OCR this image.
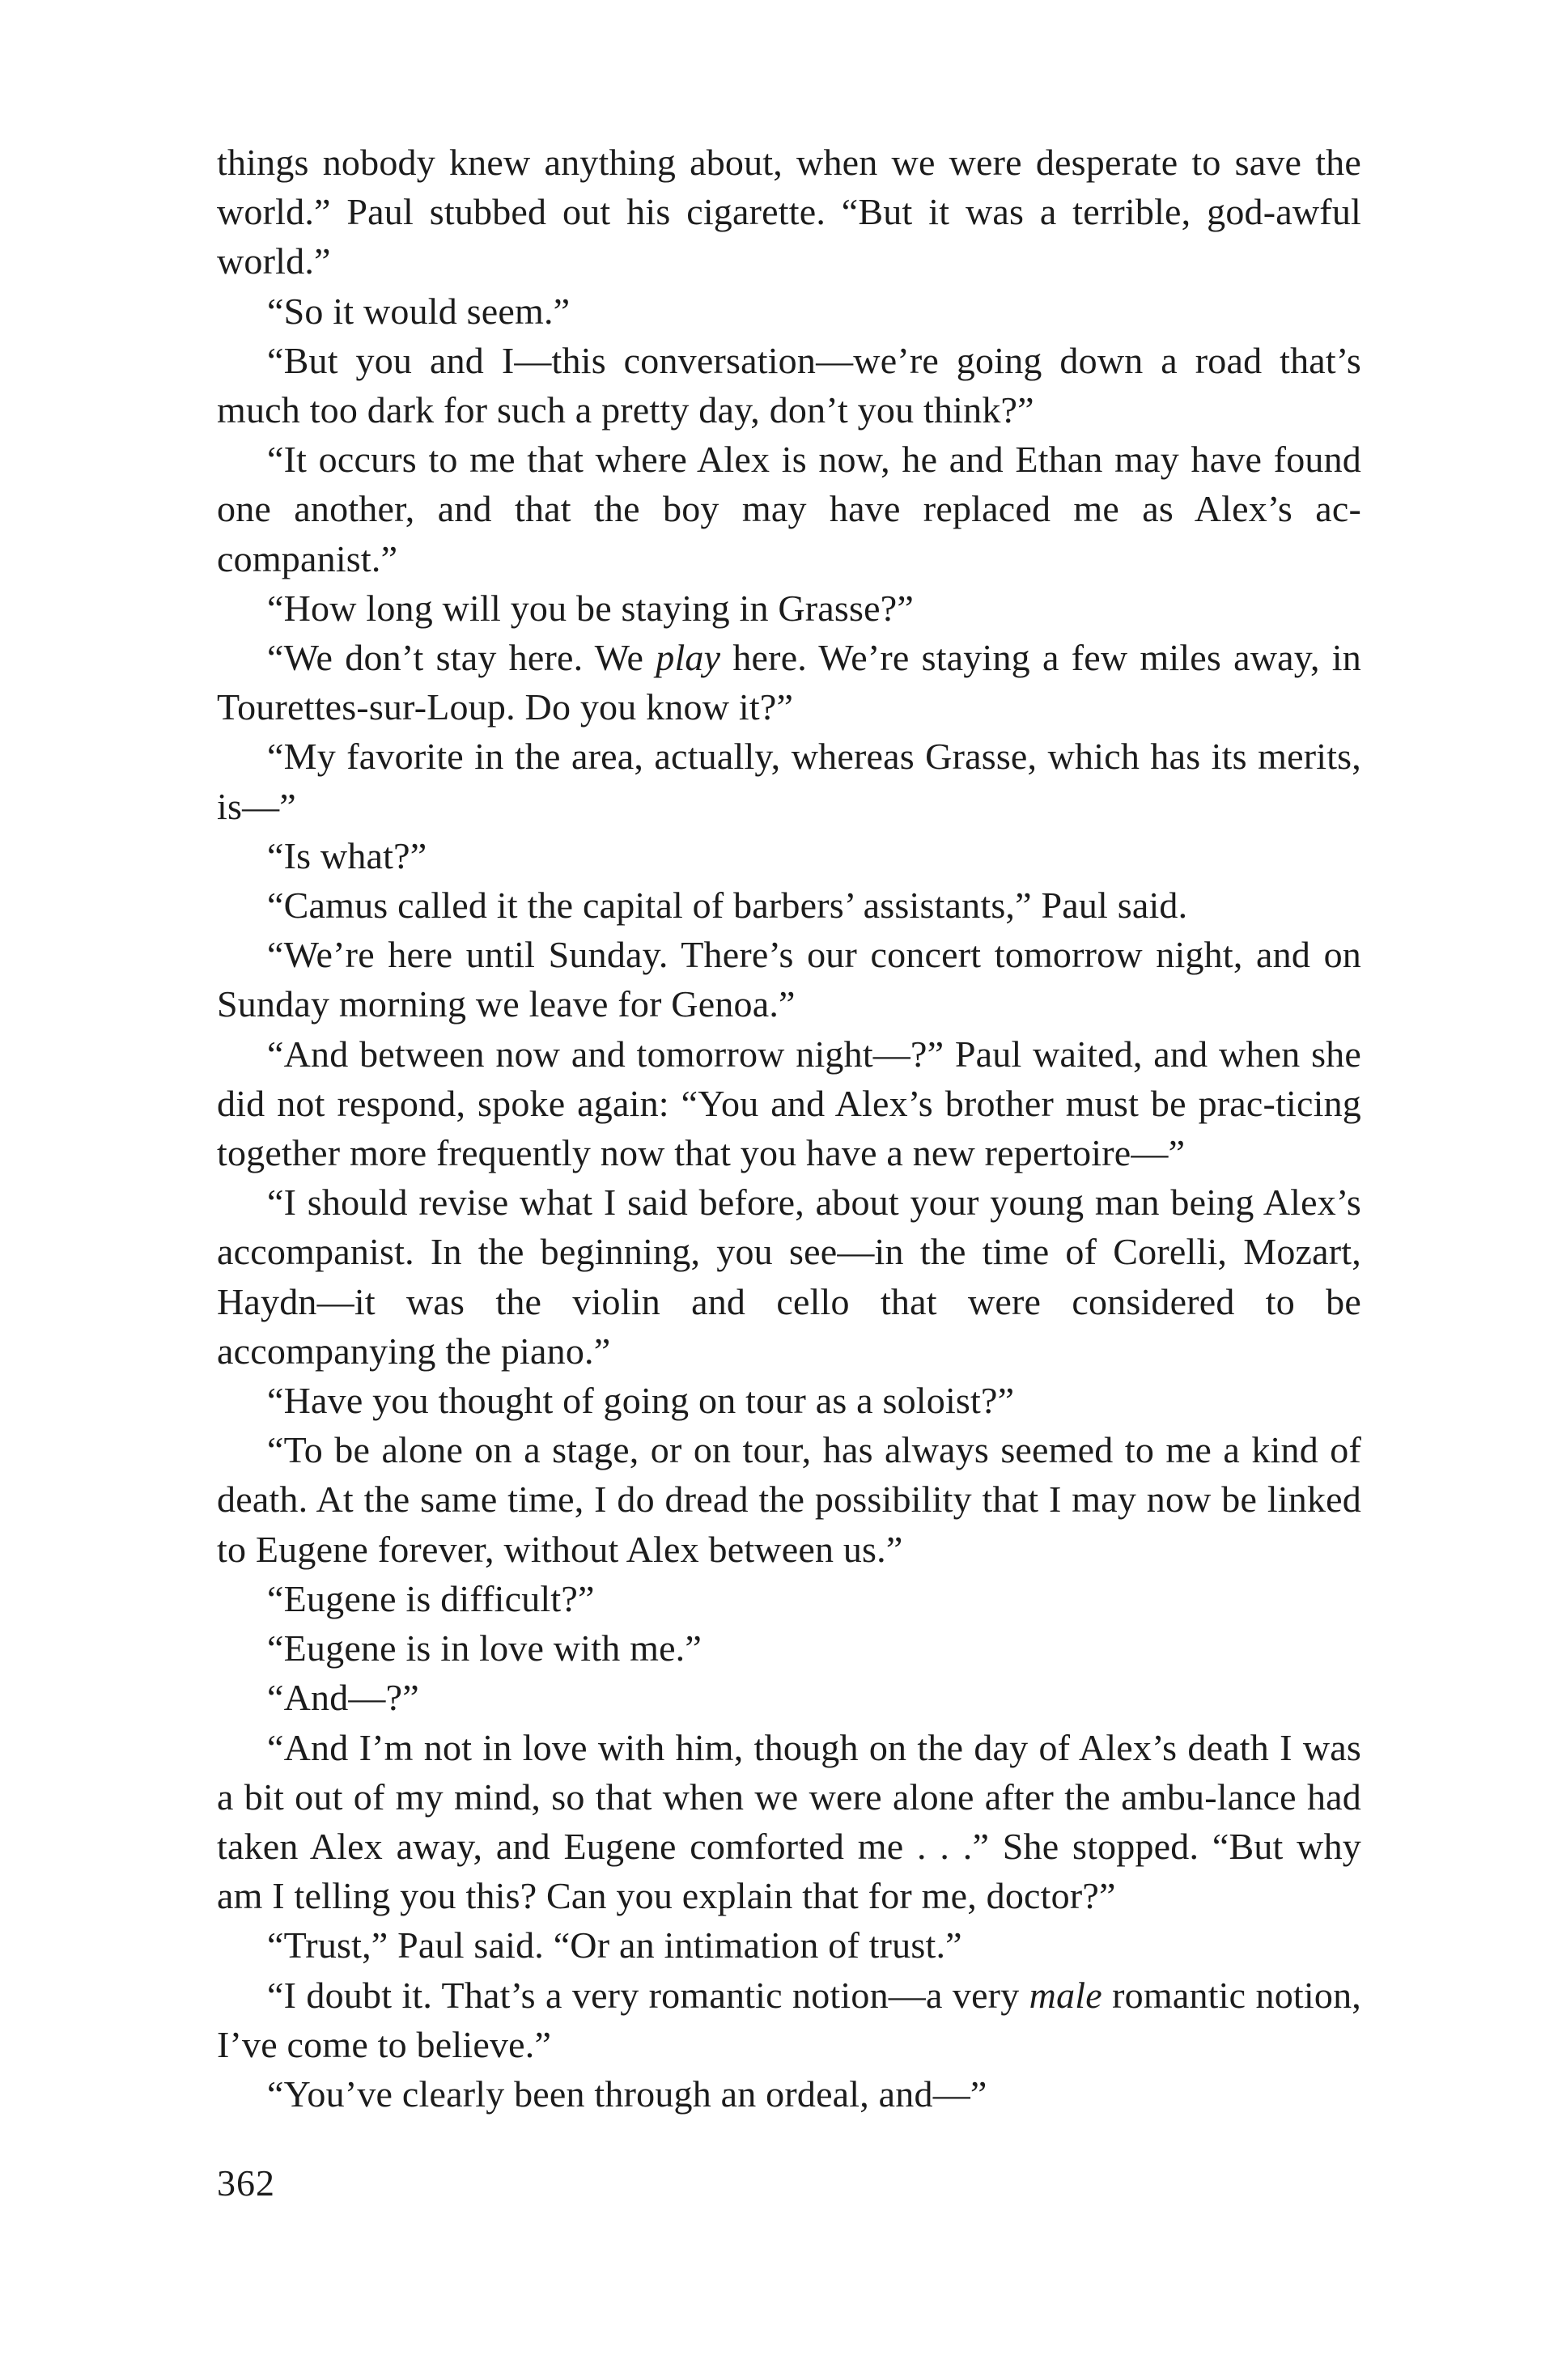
things nobody knew anything about, when we were desperate to save the world.” Paul stubbed out his cigarette. “But it was a terrible, god-awful world.”

“So it would seem.”

“But you and I—this conversation—we’re going down a road that’s much too dark for such a pretty day, don’t you think?”

“It occurs to me that where Alex is now, he and Ethan may have found one another, and that the boy may have replaced me as Alex’s ac-companist.”

“How long will you be staying in Grasse?”

“We don’t stay here. We play here. We’re staying a few miles away, in Tourettes-sur-Loup. Do you know it?”

“My favorite in the area, actually, whereas Grasse, which has its merits, is—”

“Is what?”

“Camus called it the capital of barbers’ assistants,” Paul said.

“We’re here until Sunday. There’s our concert tomorrow night, and on Sunday morning we leave for Genoa.”

“And between now and tomorrow night—?” Paul waited, and when she did not respond, spoke again: “You and Alex’s brother must be prac-ticing together more frequently now that you have a new repertoire—”

“I should revise what I said before, about your young man being Alex’s accompanist. In the beginning, you see—in the time of Corelli, Mozart, Haydn—it was the violin and cello that were considered to be accompanying the piano.”

“Have you thought of going on tour as a soloist?”

“To be alone on a stage, or on tour, has always seemed to me a kind of death. At the same time, I do dread the possibility that I may now be linked to Eugene forever, without Alex between us.”

“Eugene is difficult?”

“Eugene is in love with me.”

“And—?”

“And I’m not in love with him, though on the day of Alex’s death I was a bit out of my mind, so that when we were alone after the ambu-lance had taken Alex away, and Eugene comforted me . . .” She stopped. “But why am I telling you this? Can you explain that for me, doctor?”

“Trust,” Paul said. “Or an intimation of trust.”

“I doubt it. That’s a very romantic notion—a very male romantic notion, I’ve come to believe.”

“You’ve clearly been through an ordeal, and—”

362
